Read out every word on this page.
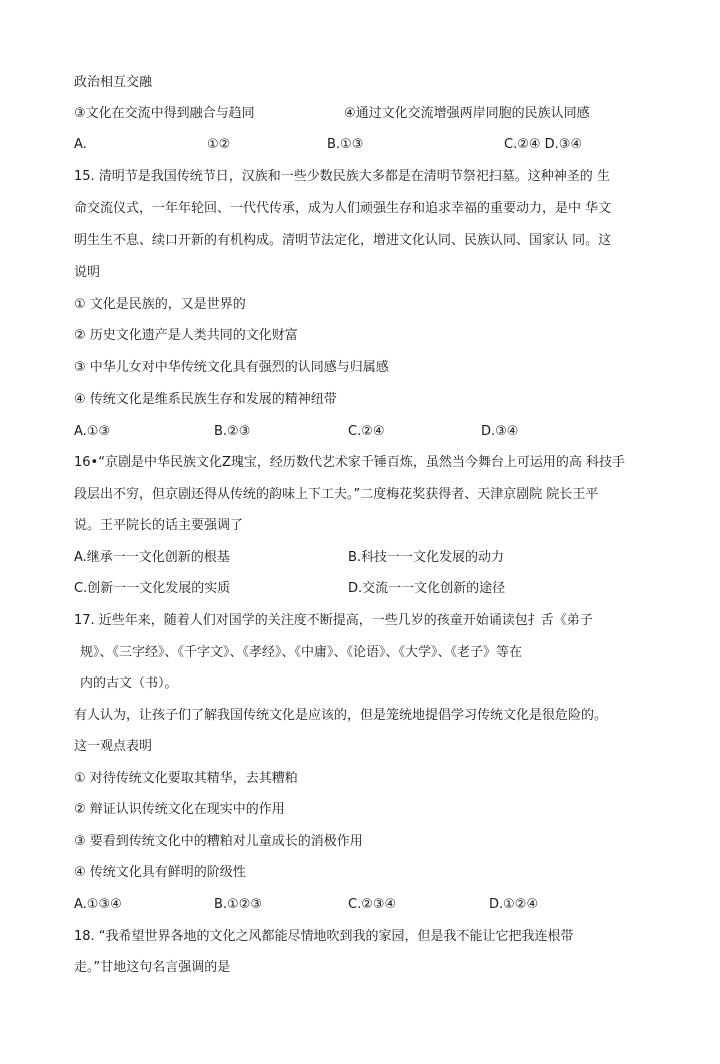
政治相互交融
③文化在交流中得到融合与趋同	④通过文化交流增强两岸同胞的民族认同感
A.	①②	B.①③	C.②④ D.③④
15. 清明节是我国传统节日，汉族和一些少数民族大多都是在清明节祭祀扫墓。这种神圣的 生
命交流仪式，一年年轮回、一代代传承，成为人们顽强生存和追求幸福的重要动力，是中 华文
明生生不息、续口开新的有机构成。清明节法定化，增进文化认同、民族认同、国家认 同。这
说明
① 文化是民族的，又是世界的
② 历史文化遗产是人类共同的文化财富
③ 中华儿女对中华传统文化具有强烈的认同感与归属感
④ 传统文化是维系民族生存和发展的精神纽带
A.①③	B.②③	C.②④	D.③④
16•“京剧是中华民族文化Z瑰宝，经历数代艺术家千锤百炼，虽然当今舞台上可运用的高 科技手
段层出不穷，但京剧还得从传统的韵味上下工夫。”二度梅花奖获得者、天津京剧院 院长王平
说。王平院长的话主要强调了
A.继承一一文化创新的根基	B.科技一一文化发展的动力
C.创新一一文化发展的实质	D.交流一一文化创新的途径
17. 近些年来，随着人们对国学的关注度不断提高，一些几岁的孩童开始诵读包扌舌《弟子
规》、《三字经》、《千字文》、《孝经》、《中庸》、《论语》、《大学》、《老子》等在
内的古文（书）。
有人认为，让孩子们了解我国传统文化是应该的，但是笼统地提倡学习传统文化是很危险的。
这一观点表明
① 对待传统文化要取其精华，去其糟粕
② 辩证认识传统文化在现实中的作用
③ 要看到传统文化中的糟粕对儿童成长的消极作用
④ 传统文化具有鲜明的阶级性
A.①③④	B.①②③	C.②③④	D.①②④
18. “我希望世界各地的文化之风都能尽情地吹到我的家园，但是我不能让它把我连根带
走。”甘地这句名言强调的是
